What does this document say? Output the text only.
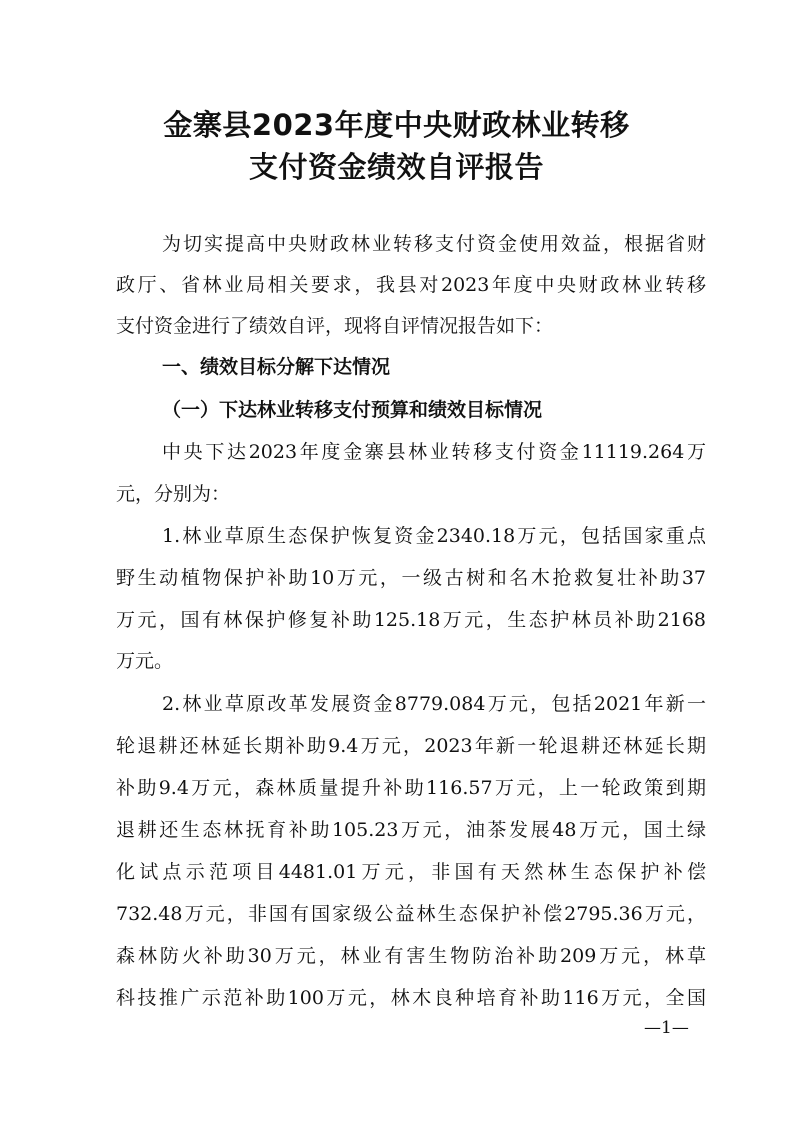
金寨县2023年度中央财政林业转移
支付资金绩效自评报告
为切实提高中央财政林业转移支付资金使用效益，根据省财
政厅、省林业局相关要求，我县对2023年度中央财政林业转移
支付资金进行了绩效自评，现将自评情况报告如下：
一、绩效目标分解下达情况
（一）下达林业转移支付预算和绩效目标情况
中央下达2023年度金寨县林业转移支付资金11119.264万
元，分别为：
1.林业草原生态保护恢复资金2340.18万元，包括国家重点
野生动植物保护补助10万元，一级古树和名木抢救复壮补助37
万元，国有林保护修复补助125.18万元，生态护林员补助2168
万元。
2.林业草原改革发展资金8779.084万元，包括2021年新一
轮退耕还林延长期补助9.4万元，2023年新一轮退耕还林延长期
补助9.4万元，森林质量提升补助116.57万元，上一轮政策到期
退耕还生态林抚育补助105.23万元，油茶发展48万元，国土绿
化试点示范项目4481.01万元，非国有天然林生态保护补偿
732.48万元，非国有国家级公益林生态保护补偿2795.36万元，
森林防火补助30万元，林业有害生物防治补助209万元，林草
科技推广示范补助100万元，林木良种培育补助116万元，全国
—1—
